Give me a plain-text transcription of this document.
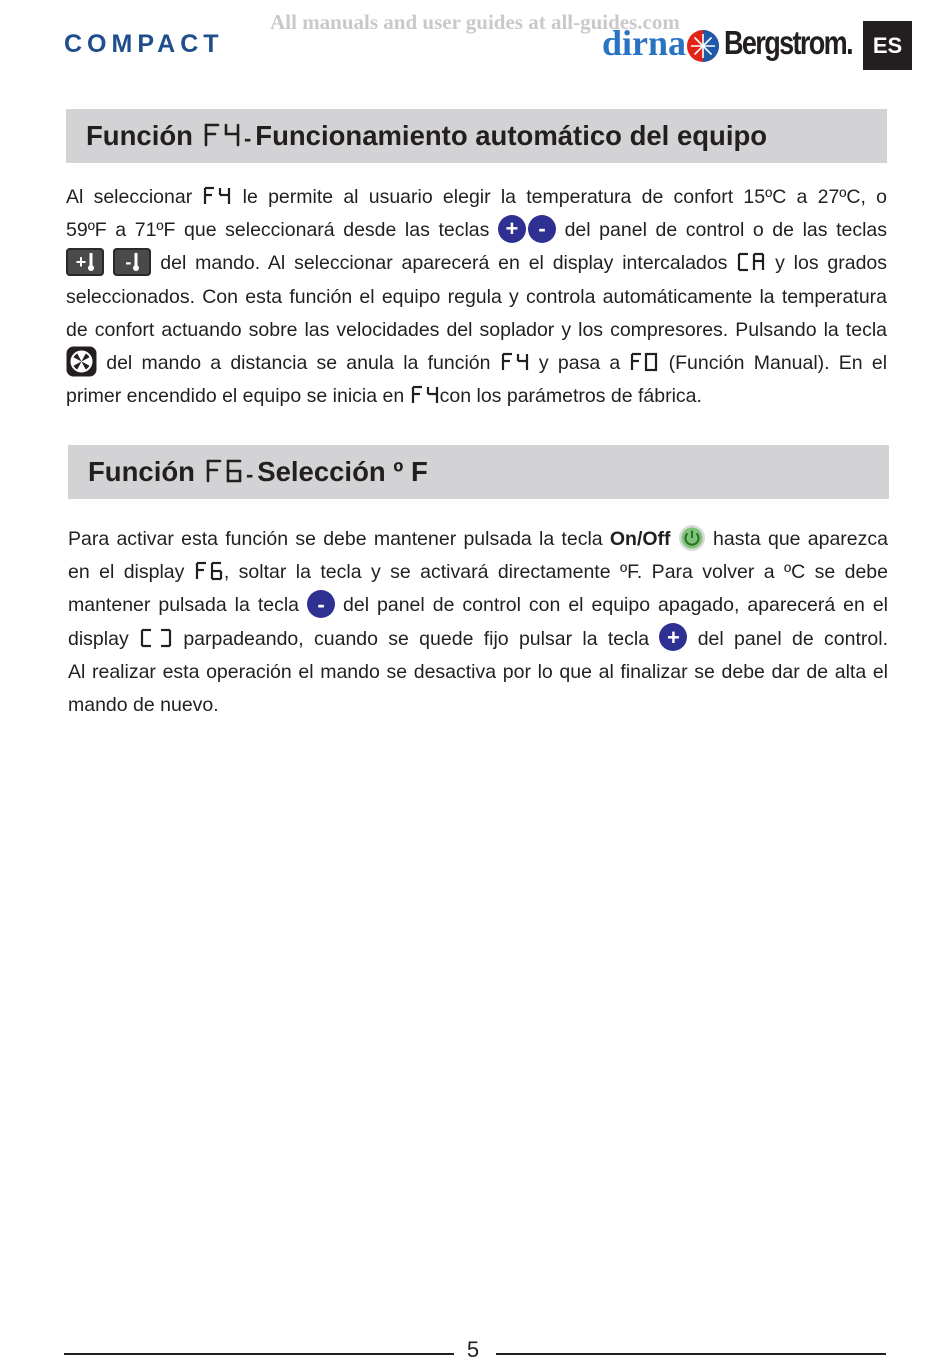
All manuals and user guides at all-guides.com
COMPACT	dirna Bergstrom. ES
Función - Funcionamiento automático del equipo
Al seleccionar	le permite al usuario elegir la temperatura de confort 15ºC a 27ºC, o
59ºF a 71ºF que seleccionará desde las teclas + - del panel de control o de las teclas
+
- del mando. Al seleccionar aparecerá en el display intercalados y los grados
seleccionados. Con esta función el equipo regula y controla automáticamente la temperatura
de confort actuando sobre las velocidades del soplador y los compresores. Pulsando la tecla
del mando a distancia se anula la función y pasa a (Función Manual). En el
primer encendido el equipo se inicia en con los parámetros de fábrica.
Función - Selección º F
Para activar esta función se debe mantener pulsada la tecla On/Off hasta que aparezca
en el display , soltar la tecla y se activará directamente ºF. Para volver a ºC se debe
mantener pulsada la tecla - del panel de control con el equipo apagado, aparecerá en el
display	parpadeando, cuando se quede fijo pulsar la tecla + del panel de control.
Al realizar esta operación el mando se desactiva por lo que al finalizar se debe dar de alta el
mando de nuevo.
5
